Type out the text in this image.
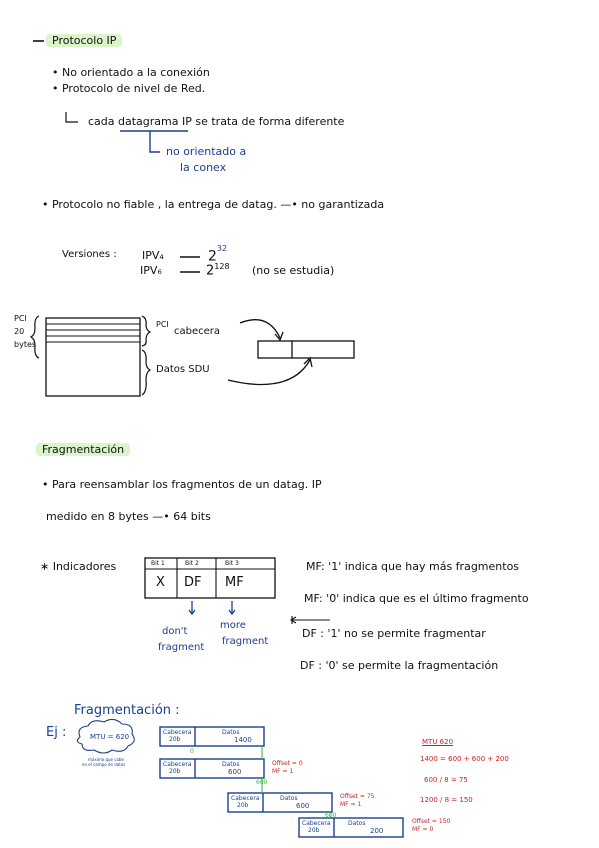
Protocolo IP
• No orientado a la conexión
• Protocolo de nivel de Red.
cada datagrama IP se trata de forma diferente
no orientado a
la conex
• Protocolo no fiable , la entrega de datag. —• no garantizada
Versiones : IPV₄	$2^{32}$
IPV₆	$2^{128}$ (no se estudia)
PCI
20
bytes
PCI
cabecera
Datos SDU
Fragmentación
• Para reensamblar los fragmentos de un datag. IP
medido en 8 bytes —• 64 bits
∗ Indicadores	Bit 1	Bit 2	Bit 3
X DF MF
don't
fragment
more
fragment
MF: '1' indica que hay más fragmentos
MF: '0' indica que es el último fragmento
DF : '1' no se permite fragmentar
DF : '0' se permite la fragmentación
Fragmentación :
Ej :	MTU = 620
máximo que cabe
en el campo de datos
Cabecera
20b
Datos
1400
0
Cabecera
20b
Datos
600
Offset = 0
MF = 1
600
Cabecera
20b
Datos
600
Offset = 75
MF = 1
600
Cabecera
20b
Datos
200
Offset = 150
MF = 0
MTU 620
1400 = 600 + 600 + 200
600 / 8 = 75
1200 / 8 = 150
